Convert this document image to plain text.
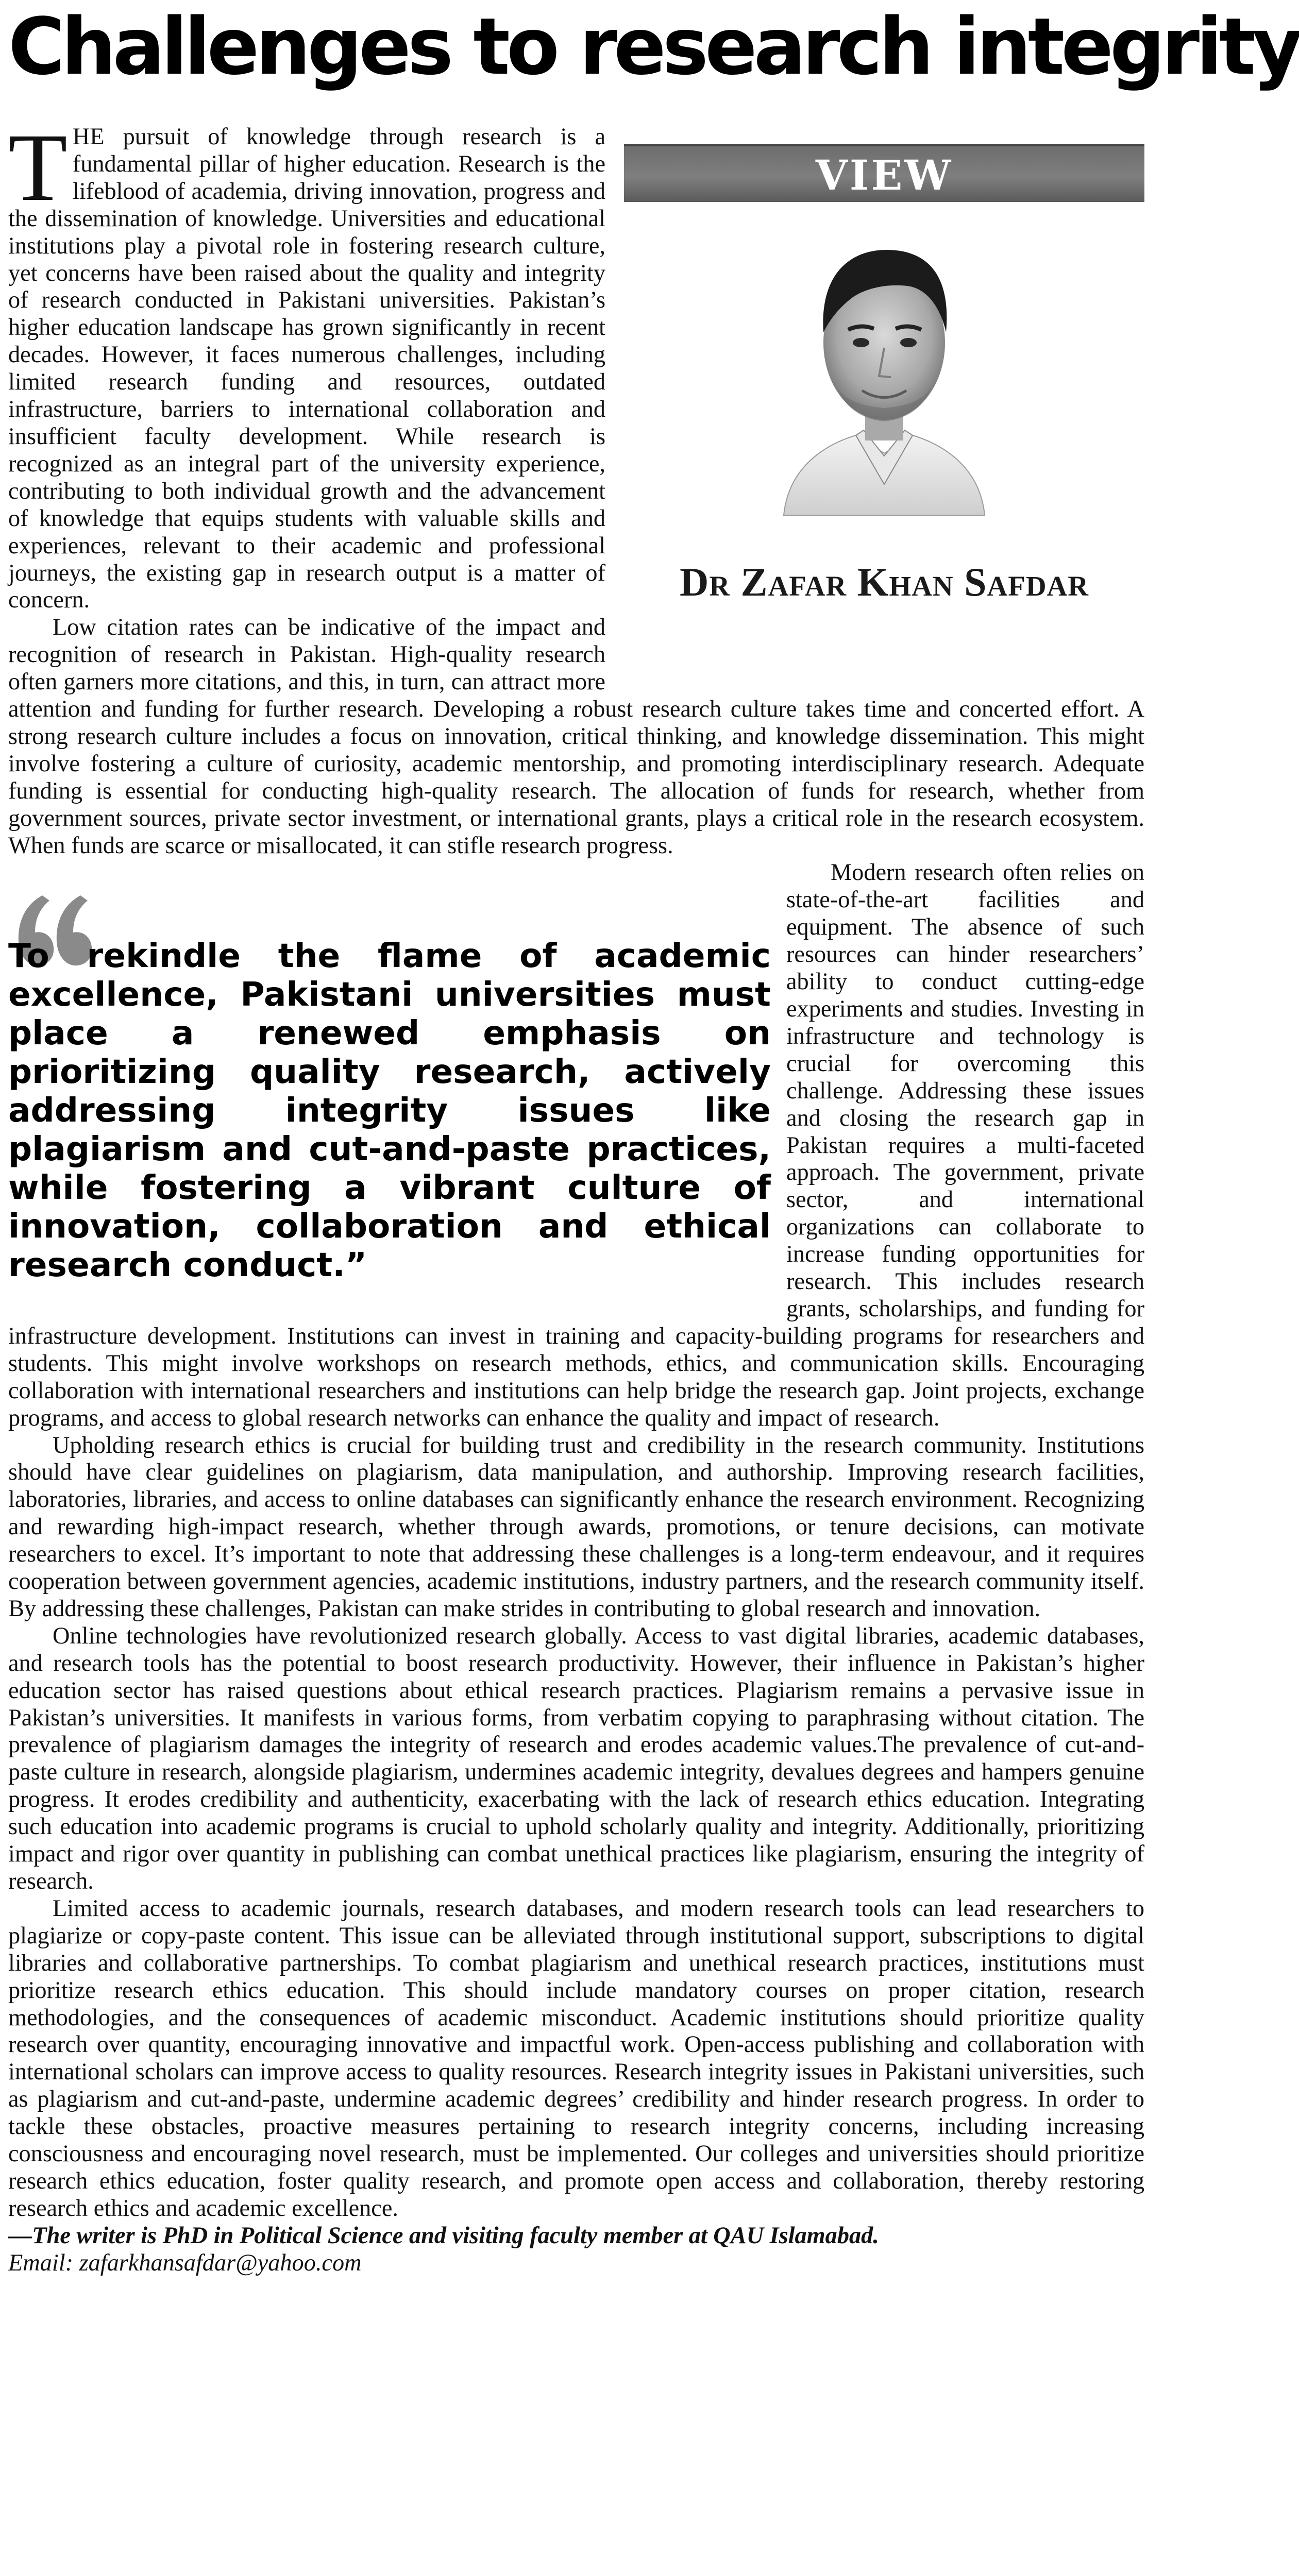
Challenges to research integrity
VIEW
Dr Zafar Khan Safdar

THE pursuit of knowledge through research is a fundamental pillar of higher education. Research is the lifeblood of academia, driving innovation, progress and the dissemination of knowledge. Universities and educational institutions play a pivotal role in fostering research culture, yet concerns have been raised about the quality and integrity of research conducted in Pakistani universities. Pakistan’s higher education landscape has grown significantly in recent decades. However, it faces numerous challenges, including limited research funding and resources, outdated infrastructure, barriers to international collaboration and insufficient faculty development. While research is recognized as an integral part of the university experience, contributing to both individual growth and the advancement of knowledge that equips students with valuable skills and experiences, relevant to their academic and professional journeys, the existing gap in research output is a matter of concern.

Low citation rates can be indicative of the impact and recognition of research in Pakistan. High-quality research often garners more citations, and this, in turn, can attract more attention and funding for further research. Developing a robust research culture takes time and concerted effort. A strong research culture includes a focus on innovation, critical thinking, and knowledge dissemination. This might involve fostering a culture of curiosity, academic mentorship, and promoting interdisciplinary research. Adequate funding is essential for conducting high-quality research. The allocation of funds for research, whether from government sources, private sector investment, or international grants, plays a critical role in the research ecosystem. When funds are scarce or misallocated, it can stifle research progress.

To rekindle the flame of academic excellence, Pakistani universities must place a renewed emphasis on prioritizing quality research, actively addressing integrity issues like plagiarism and cut-and-paste practices, while fostering a vibrant culture of innovation, collaboration and ethical research conduct.”

Modern research often relies on state-of-the-art facilities and equipment. The absence of such resources can hinder researchers’ ability to conduct cutting-edge experiments and studies. Investing in infrastructure and technology is crucial for overcoming this challenge. Addressing these issues and closing the research gap in Pakistan requires a multi-faceted approach. The government, private sector, and international organizations can collaborate to increase funding opportunities for research. This includes research grants, scholarships, and funding for infrastructure development. Institutions can invest in training and capacity-building programs for researchers and students. This might involve workshops on research methods, ethics, and communication skills. Encouraging collaboration with international researchers and institutions can help bridge the research gap. Joint projects, exchange programs, and access to global research networks can enhance the quality and impact of research.

Upholding research ethics is crucial for building trust and credibility in the research community. Institutions should have clear guidelines on plagiarism, data manipulation, and authorship. Improving research facilities, laboratories, libraries, and access to online databases can significantly enhance the research environment. Recognizing and rewarding high-impact research, whether through awards, promotions, or tenure decisions, can motivate researchers to excel. It’s important to note that addressing these challenges is a long-term endeavour, and it requires cooperation between government agencies, academic institutions, industry partners, and the research community itself. By addressing these challenges, Pakistan can make strides in contributing to global research and innovation.

Online technologies have revolutionized research globally. Access to vast digital libraries, academic databases, and research tools has the potential to boost research productivity. However, their influence in Pakistan’s higher education sector has raised questions about ethical research practices. Plagiarism remains a pervasive issue in Pakistan’s universities. It manifests in various forms, from verbatim copying to paraphrasing without citation. The prevalence of plagiarism damages the integrity of research and erodes academic values.The prevalence of cut-and-paste culture in research, alongside plagiarism, undermines academic integrity, devalues degrees and hampers genuine progress. It erodes credibility and authenticity, exacerbating with the lack of research ethics education. Integrating such education into academic programs is crucial to uphold scholarly quality and integrity. Additionally, prioritizing impact and rigor over quantity in publishing can combat unethical practices like plagiarism, ensuring the integrity of research.

Limited access to academic journals, research databases, and modern research tools can lead researchers to plagiarize or copy-paste content. This issue can be alleviated through institutional support, subscriptions to digital libraries and collaborative partnerships. To combat plagiarism and unethical research practices, institutions must prioritize research ethics education. This should include mandatory courses on proper citation, research methodologies, and the consequences of academic misconduct. Academic institutions should prioritize quality research over quantity, encouraging innovative and impactful work. Open-access publishing and collaboration with international scholars can improve access to quality resources. Research integrity issues in Pakistani universities, such as plagiarism and cut-and-paste, undermine academic degrees’ credibility and hinder research progress. In order to tackle these obstacles, proactive measures pertaining to research integrity concerns, including increasing consciousness and encouraging novel research, must be implemented. Our colleges and universities should prioritize research ethics education, foster quality research, and promote open access and collaboration, thereby restoring research ethics and academic excellence.

—The writer is PhD in Political Science and visiting faculty member at QAU Islamabad.

Email: zafarkhansafdar@yahoo.com
